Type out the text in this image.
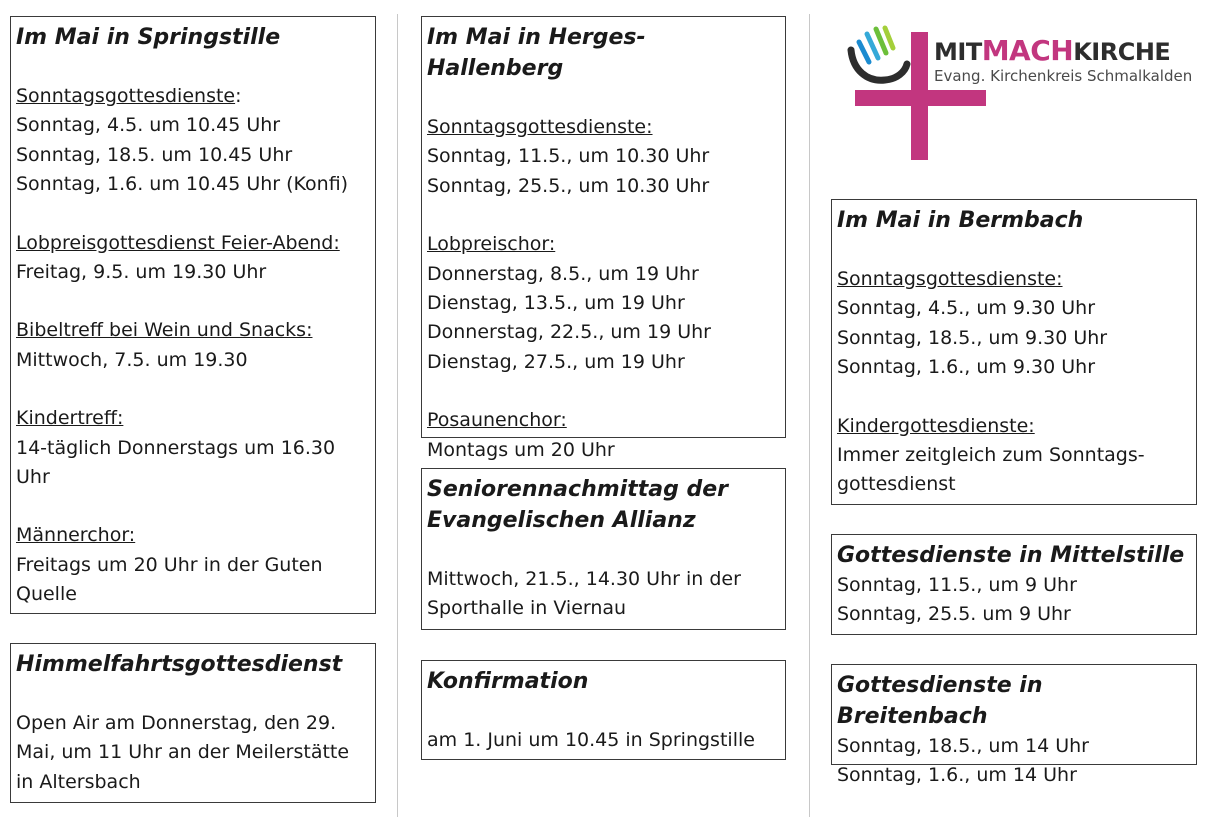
Im Mai in Springstille
Sonntagsgottesdienste:
Sonntag, 4.5. um 10.45 Uhr
Sonntag, 18.5. um 10.45 Uhr
Sonntag, 1.6. um 10.45 Uhr (Konfi)
Lobpreisgottesdienst Feier-Abend:
Freitag, 9.5. um 19.30 Uhr
Bibeltreff bei Wein und Snacks:
Mittwoch, 7.5. um 19.30
Kindertreff:
14-täglich Donnerstags um 16.30
Uhr
Männerchor:
Freitags um 20 Uhr in der Guten
Quelle
Himmelfahrtsgottesdienst
Open Air am Donnerstag, den 29.
Mai, um 11 Uhr an der Meilerstätte
in Altersbach
Im Mai in Herges-Hallenberg
Sonntagsgottesdienste:
Sonntag, 11.5., um 10.30 Uhr
Sonntag, 25.5., um 10.30 Uhr
Lobpreischor:
Donnerstag, 8.5., um 19 Uhr
Dienstag, 13.5., um 19 Uhr
Donnerstag, 22.5., um 19 Uhr
Dienstag, 27.5., um 19 Uhr
Posaunenchor:
Montags um 20 Uhr
Seniorennachmittag der
Evangelischen Allianz
Mittwoch, 21.5., 14.30 Uhr in der
Sporthalle in Viernau
Konfirmation
am 1. Juni um 10.45 in Springstille
MITMACHKIRCHE
Evang. Kirchenkreis Schmalkalden
Im Mai in Bermbach
Sonntagsgottesdienste:
Sonntag, 4.5., um 9.30 Uhr
Sonntag, 18.5., um 9.30 Uhr
Sonntag, 1.6., um 9.30 Uhr
Kindergottesdienste:
Immer zeitgleich zum Sonntags-
gottesdienst
Gottesdienste in Mittelstille
Sonntag, 11.5., um 9 Uhr
Sonntag, 25.5. um 9 Uhr
Gottesdienste in Breitenbach
Sonntag, 18.5., um 14 Uhr
Sonntag, 1.6., um 14 Uhr
